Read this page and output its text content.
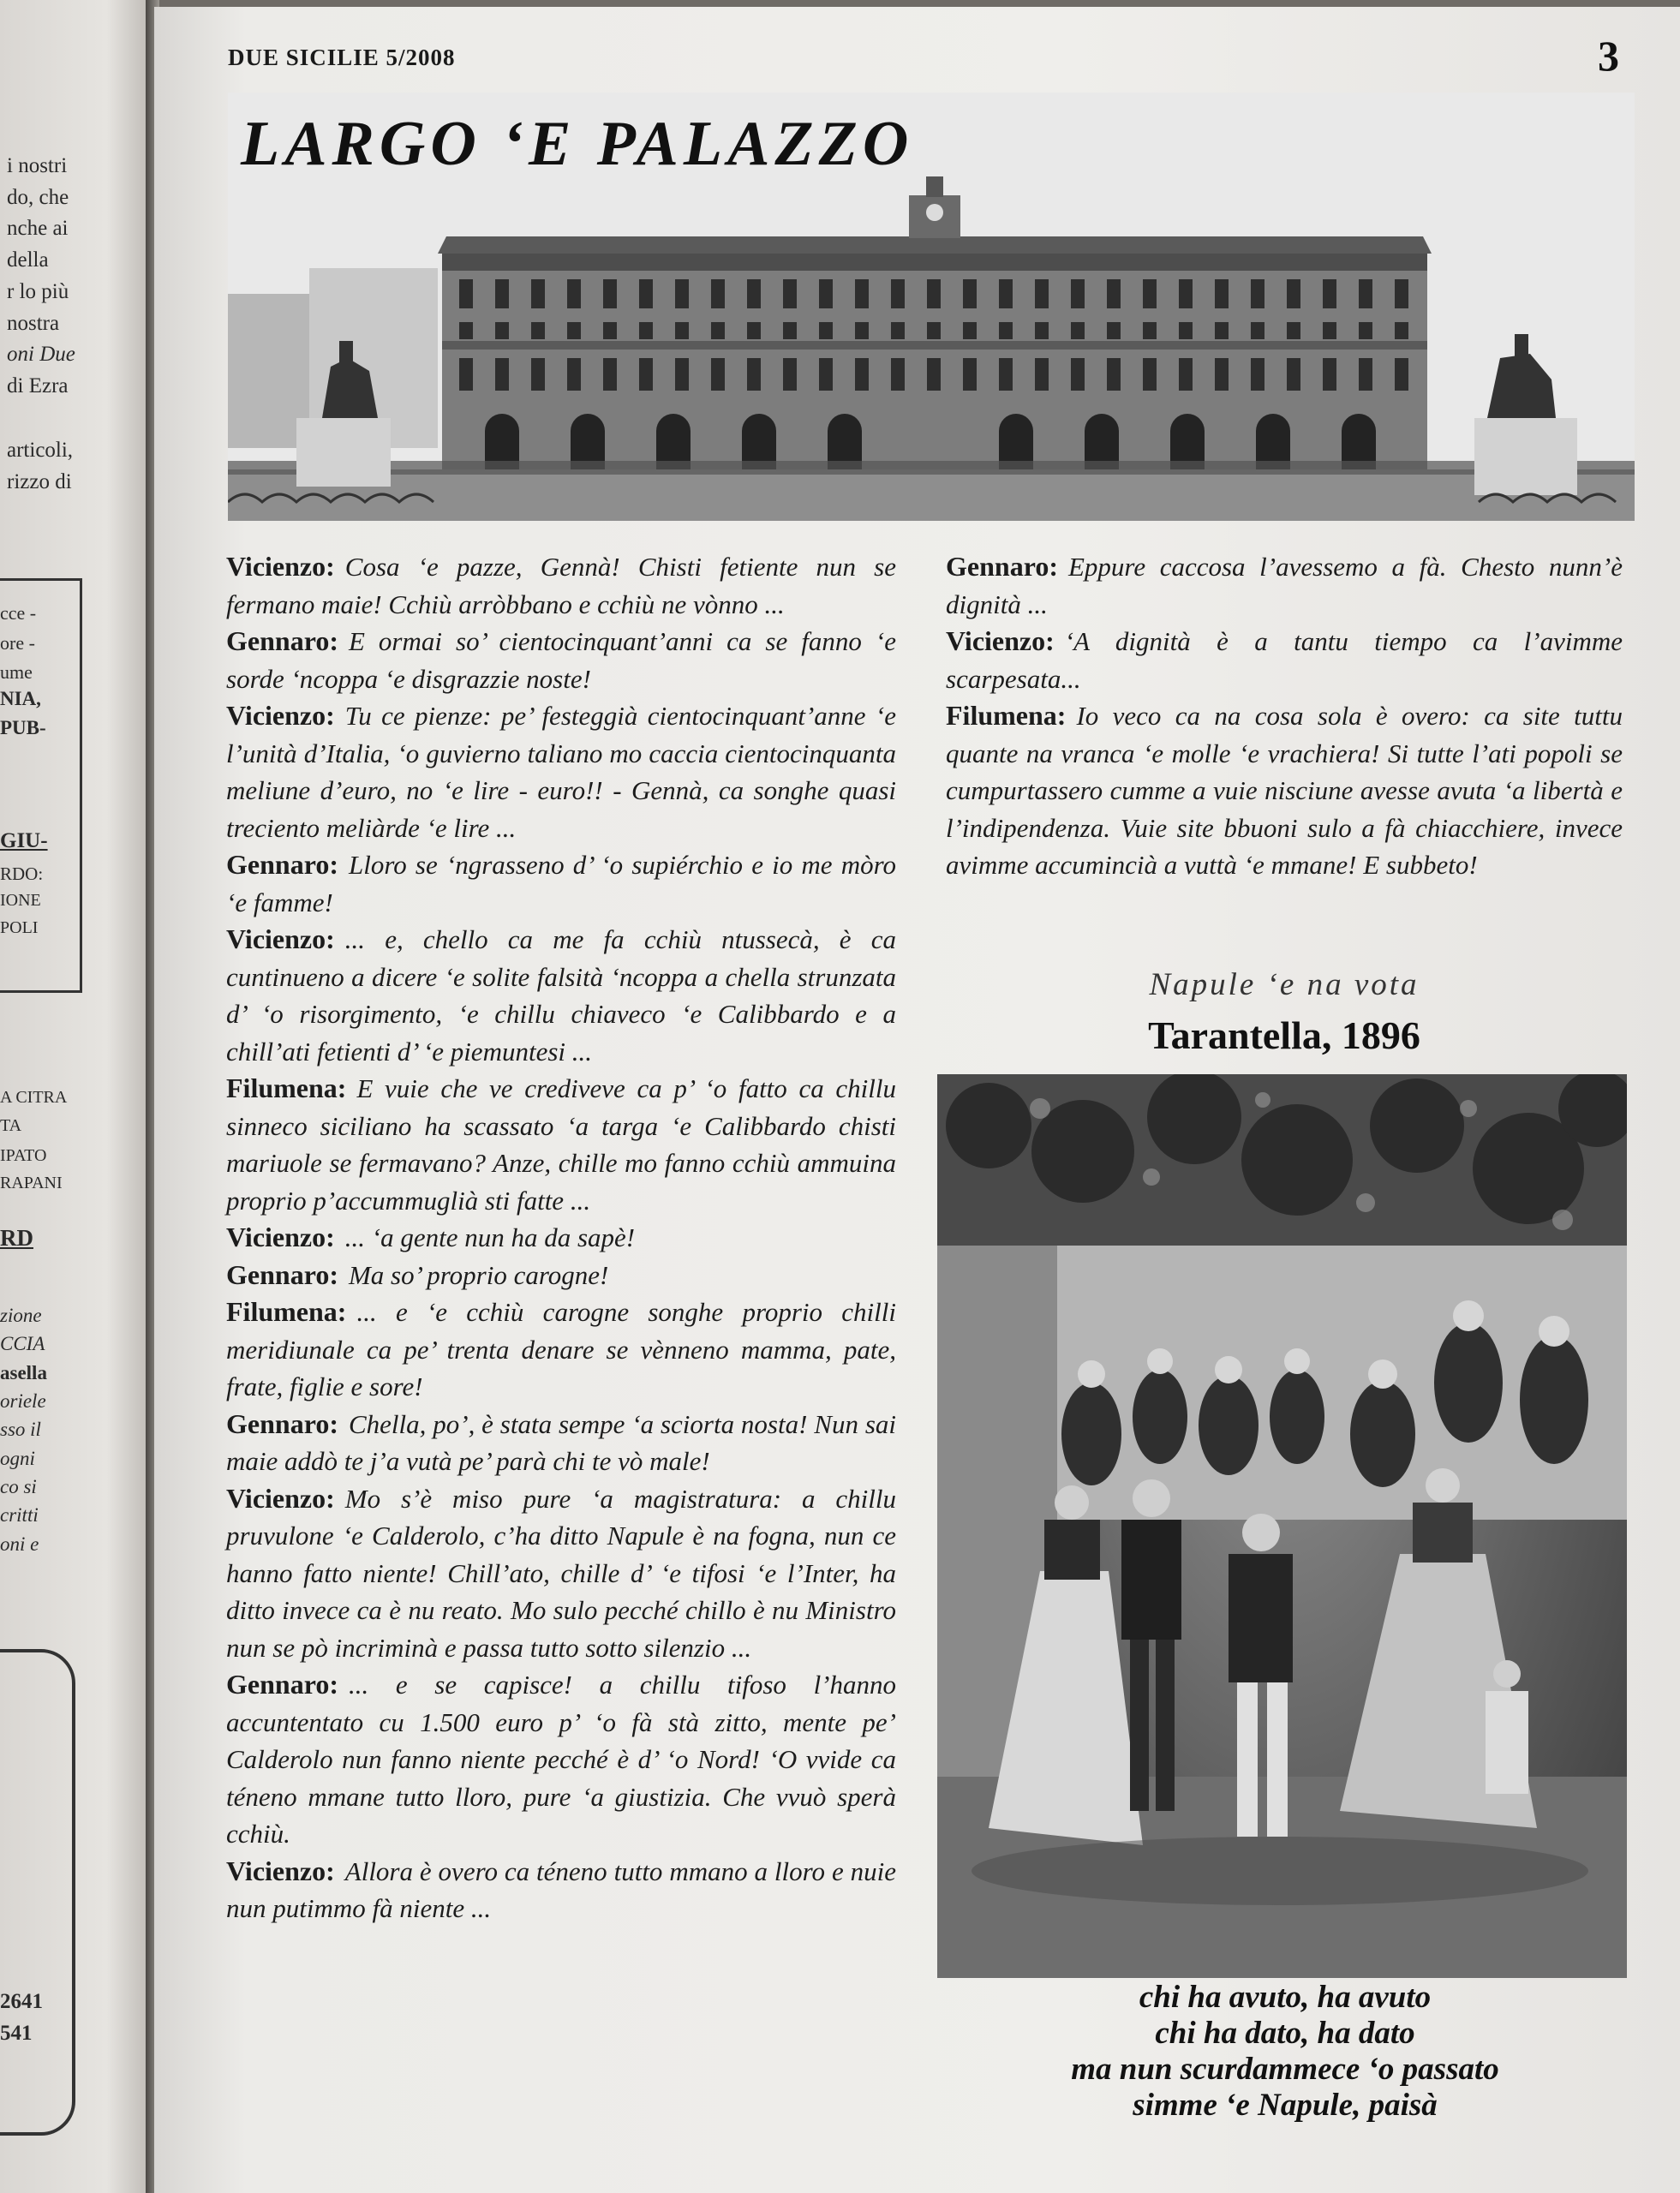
i nostri
do, che
nche ai
della
r lo più
nostra
oni Due
di Ezra
articoli,
rizzo di
cce -
ore -
ume
NIA,
PUB-
GIU-
RDO:
IONE
POLI
A CITRA
TA
IPATO
RAPANI
RD
zione
CCIA
asella
oriele
sso il
ogni
co si
critti
oni e
2641
541
DUE SICILIE 5/2008	3
LARGO ‘E PALAZZO

Vicienzo: Cosa ‘e pazze, Gennà! Chisti fetiente nun se fermano maie! Cchiù arròbbano e cchiù ne vònno ...

Gennaro: E ormai so’ cientocinquant’anni ca se fanno ‘e sorde ‘ncoppa ‘e disgrazzie noste!

Vicienzo: Tu ce pienze: pe’ festeggià cientocinquant’anne ‘e l’unità d’Italia, ‘o guvierno taliano mo caccia cientocinquanta meliune d’euro, no ‘e lire - euro!! - Gennà, ca songhe quasi treciento meliàrde ‘e lire ...

Gennaro: Lloro se ‘ngrasseno d’ ‘o supiérchio e io me mòro ‘e famme!

Vicienzo: ... e, chello ca me fa cchiù ntussecà, è ca cuntinueno a dicere ‘e solite falsità ‘ncoppa a chella strunzata d’ ‘o risorgimento, ‘e chillu chiaveco ‘e Calibbardo e a chill’ati fetienti d’ ‘e piemuntesi ...

Filumena: E vuie che ve crediveve ca p’ ‘o fatto ca chillu sinneco siciliano ha scassato ‘a targa ‘e Calibbardo chisti mariuole se fermavano? Anze, chille mo fanno cchiù ammuina proprio p’accummuglià sti fatte ...

Vicienzo: ... ‘a gente nun ha da sapè!

Gennaro: Ma so’ proprio carogne!

Filumena: ... e ‘e cchiù carogne songhe proprio chilli meridiunale ca pe’ trenta denare se vènneno mamma, pate, frate, figlie e sore!

Gennaro: Chella, po’, è stata sempe ‘a sciorta nosta! Nun sai maie addò te j’a vutà pe’ parà chi te vò male!

Vicienzo: Mo s’è miso pure ‘a magistratura: a chillu pruvulone ‘e Calderolo, c’ha ditto Napule è na fogna, nun ce hanno fatto niente! Chill’ato, chille d’ ‘e tifosi ‘e l’Inter, ha ditto invece ca è nu reato. Mo sulo pecché chillo è nu Ministro nun se pò incriminà e passa tutto sotto silenzio ...

Gennaro: ... e se capisce! a chillu tifoso l’hanno accuntentato cu 1.500 euro p’ ‘o fà stà zitto, mente pe’ Calderolo nun fanno niente pecché è d’ ‘o Nord! ‘O vvide ca téneno mmane tutto lloro, pure ‘a giustizia. Che vvuò sperà cchiù.

Vicienzo: Allora è overo ca téneno tutto mmano a lloro e nuie nun putimmo fà niente ...

Gennaro: Eppure caccosa l’avessemo a fà. Chesto nunn’è dignità ...

Vicienzo: ‘A dignità è a tantu tiempo ca l’avimme scarpesata...

Filumena: Io veco ca na cosa sola è overo: ca site tuttu quante na vranca ‘e molle ‘e vrachiera! Si tutte l’ati popoli se cumpurtassero cumme a vuie nisciune avesse avuta ‘a libertà e l’indipendenza. Vuie site bbuoni sulo a fà chiacchiere, invece avimme accumincià a vuttà ‘e mmane! E subbeto!

Napule ‘e na vota
Tarantella, 1896
chi ha avuto, ha avuto
chi ha dato, ha dato
ma nun scurdammece ‘o passato
simme ‘e Napule, paisà
